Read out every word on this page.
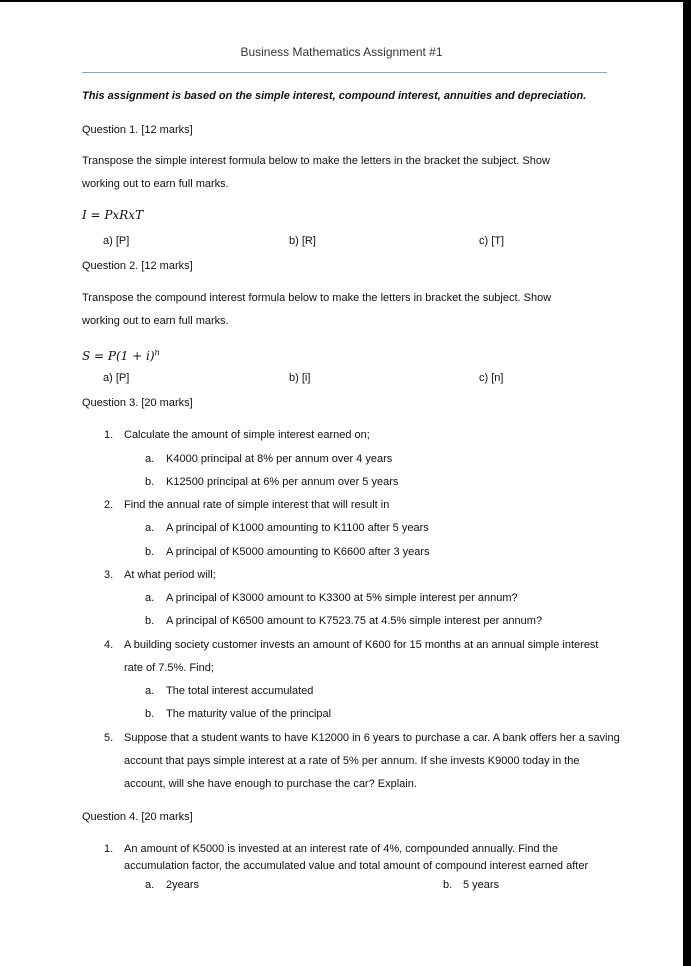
Business Mathematics Assignment #1
This assignment is based on the simple interest, compound interest, annuities and depreciation.
Question 1. [12 marks]
Transpose the simple interest formula below to make the letters in the bracket the subject. Show
working out to earn full marks.
I = PxRxT
a) [P]	b) [R]	c) [T]
Question 2. [12 marks]
Transpose the compound interest formula below to make the letters in bracket the subject. Show
working out to earn full marks.
$S = P(1 + i)^n$
a) [P]	b) [i]	c) [n]
Question 3. [20 marks]
1. Calculate the amount of simple interest earned on;
a. K4000 principal at 8% per annum over 4 years
b. K12500 principal at 6% per annum over 5 years
2. Find the annual rate of simple interest that will result in
a. A principal of K1000 amounting to K1100 after 5 years
b. A principal of K5000 amounting to K6600 after 3 years
3. At what period will;
a. A principal of K3000 amount to K3300 at 5% simple interest per annum?
b. A principal of K6500 amount to K7523.75 at 4.5% simple interest per annum?
4. A building society customer invests an amount of K600 for 15 months at an annual simple interest
rate of 7.5%. Find;
a. The total interest accumulated
b. The maturity value of the principal
5. Suppose that a student wants to have K12000 in 6 years to purchase a car. A bank offers her a saving
account that pays simple interest at a rate of 5% per annum. If she invests K9000 today in the
account, will she have enough to purchase the car? Explain.
Question 4. [20 marks]
1. An amount of K5000 is invested at an interest rate of 4%, compounded annually. Find the
accumulation factor, the accumulated value and total amount of compound interest earned after
a. 2years	b. 5 years
